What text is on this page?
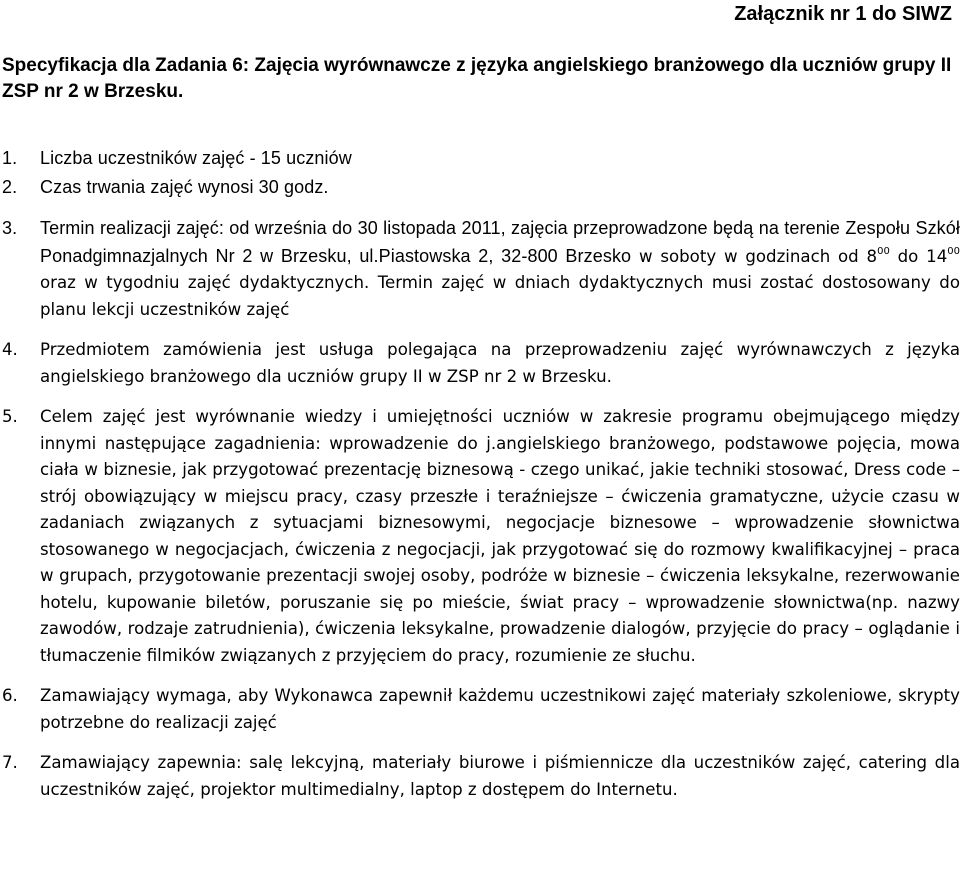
Załącznik nr 1 do SIWZ
Specyfikacja dla Zadania 6: Zajęcia wyrównawcze z języka angielskiego branżowego dla uczniów grupy II ZSP nr 2 w Brzesku.
1. Liczba uczestników zajęć - 15 uczniów
2. Czas trwania zajęć wynosi 30 godz.
3. Termin realizacji zajęć: od września do 30 listopada 2011, zajęcia przeprowadzone będą na terenie Zespołu Szkół Ponadgimnazjalnych Nr 2 w Brzesku, ul.Piastowska 2, 32-800 Brzesko w soboty w godzinach od $8^{00}$ do $14^{00}$ oraz w tygodniu zajęć dydaktycznych. Termin zajęć w dniach dydaktycznych musi zostać dostosowany do planu lekcji uczestników zajęć
4. Przedmiotem zamówienia jest usługa polegająca na przeprowadzeniu zajęć wyrównawczych z języka angielskiego branżowego dla uczniów grupy II w ZSP nr 2 w Brzesku.
5. Celem zajęć jest wyrównanie wiedzy i umiejętności uczniów w zakresie programu obejmującego między innymi następujące zagadnienia: wprowadzenie do j.angielskiego branżowego, podstawowe pojęcia, mowa ciała w biznesie, jak przygotować prezentację biznesową - czego unikać, jakie techniki stosować, Dress code – strój obowiązujący w miejscu pracy, czasy przeszłe i teraźniejsze – ćwiczenia gramatyczne, użycie czasu w zadaniach związanych z sytuacjami biznesowymi, negocjacje biznesowe – wprowadzenie słownictwa stosowanego w negocjacjach, ćwiczenia z negocjacji, jak przygotować się do rozmowy kwalifikacyjnej – praca w grupach, przygotowanie prezentacji swojej osoby, podróże w biznesie – ćwiczenia leksykalne, rezerwowanie hotelu, kupowanie biletów, poruszanie się po mieście, świat pracy – wprowadzenie słownictwa(np. nazwy zawodów, rodzaje zatrudnienia), ćwiczenia leksykalne, prowadzenie dialogów, przyjęcie do pracy – oglądanie i tłumaczenie filmików związanych z przyjęciem do pracy, rozumienie ze słuchu.
6. Zamawiający wymaga, aby Wykonawca zapewnił każdemu uczestnikowi zajęć materiały szkoleniowe, skrypty potrzebne do realizacji zajęć
7. Zamawiający zapewnia: salę lekcyjną, materiały biurowe i piśmiennicze dla uczestników zajęć, catering dla uczestników zajęć, projektor multimedialny, laptop z dostępem do Internetu.
